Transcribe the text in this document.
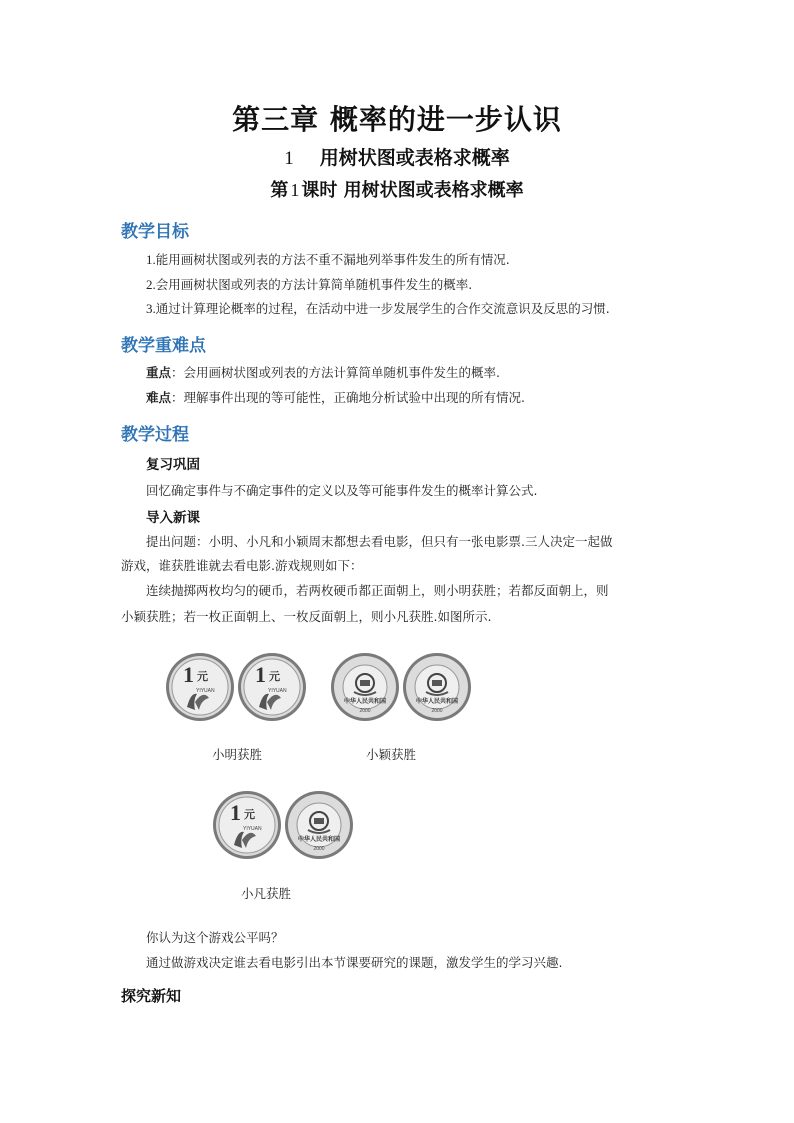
第三章 概率的进一步认识
1 用树状图或表格求概率
第 1 课时 用树状图或表格求概率
教学目标
1.能用画树状图或列表的方法不重不漏地列举事件发生的所有情况.
2.会用画树状图或列表的方法计算简单随机事件发生的概率.
3.通过计算理论概率的过程，在活动中进一步发展学生的合作交流意识及反思的习惯.
教学重难点
重点：会用画树状图或列表的方法计算简单随机事件发生的概率.
难点：理解事件出现的等可能性，正确地分析试验中出现的所有情况.
教学过程
复习巩固
回忆确定事件与不确定事件的定义以及等可能事件发生的概率计算公式.
导入新课
提出问题：小明、小凡和小颖周末都想去看电影，但只有一张电影票.三人决定一起做
游戏，谁获胜谁就去看电影.游戏规则如下：
连续抛掷两枚均匀的硬币，若两枚硬币都正面朝上，则小明获胜；若都反面朝上，则
小颖获胜；若一枚正面朝上、一枚反面朝上，则小凡获胜.如图所示.
1 元
YIYUAN
1 元
YIYUAN
中华人民共和国
2000
中华人民共和国
2000
小明获胜	小颖获胜
1 元
YIYUAN
中华人民共和国
2000
小凡获胜
你认为这个游戏公平吗？
通过做游戏决定谁去看电影引出本节课要研究的课题，激发学生的学习兴趣.
探究新知
